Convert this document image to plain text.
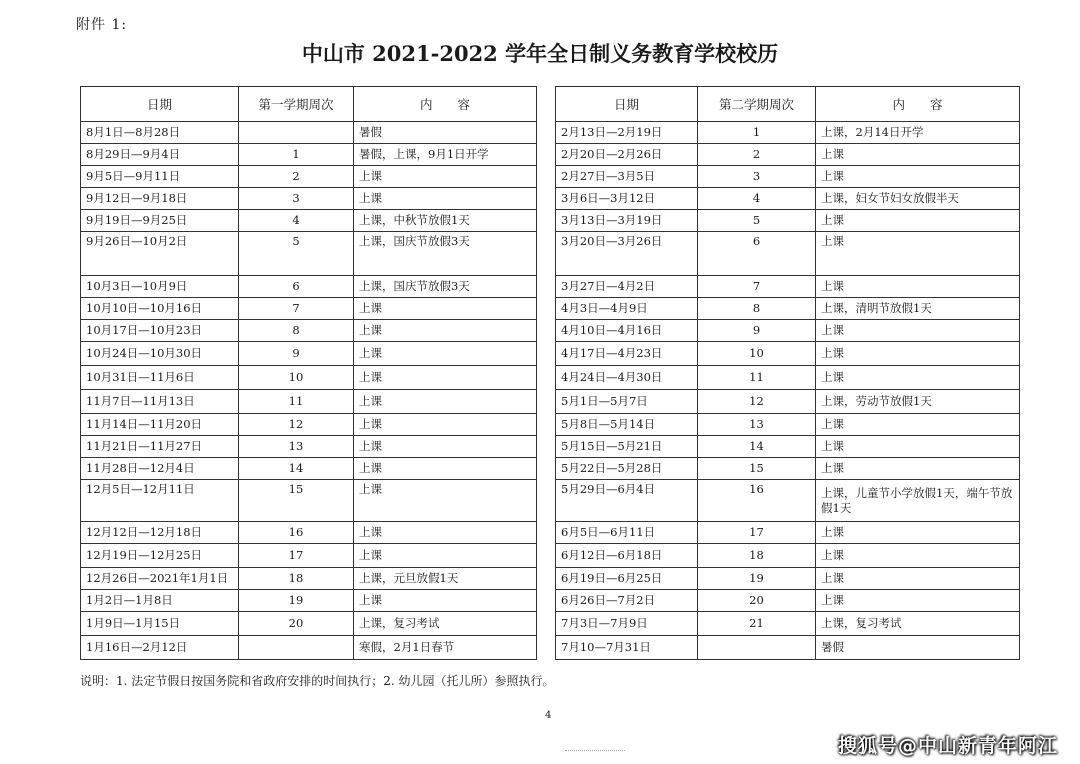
附件 1:
中山市 2021-2022 学年全日制义务教育学校校历
日期	第一学期周次	内　　容
8月1日—8月28日		暑假
8月29日—9月4日	1	暑假，上课，9月1日开学
9月5日—9月11日	2	上课
9月12日—9月18日	3	上课
9月19日—9月25日	4	上课，中秋节放假1天
9月26日—10月2日	5	上课，国庆节放假3天
10月3日—10月9日	6	上课，国庆节放假3天
10月10日—10月16日	7	上课
10月17日—10月23日	8	上课
10月24日—10月30日	9	上课
10月31日—11月6日	10	上课
11月7日—11月13日	11	上课
11月14日—11月20日	12	上课
11月21日—11月27日	13	上课
11月28日—12月4日	14	上课
12月5日—12月11日	15	上课
12月12日—12月18日	16	上课
12月19日—12月25日	17	上课
12月26日—2021年1月1日	18	上课，元旦放假1天
1月2日—1月8日	19	上课
1月9日—1月15日	20	上课，复习考试
1月16日—2月12日		寒假，2月1日春节
日期	第二学期周次	内　　容
2月13日—2月19日	1	上课，2月14日开学
2月20日—2月26日	2	上课
2月27日—3月5日	3	上课
3月6日—3月12日	4	上课，妇女节妇女放假半天
3月13日—3月19日	5	上课
3月20日—3月26日	6	上课
3月27日—4月2日	7	上课
4月3日—4月9日	8	上课，清明节放假1天
4月10日—4月16日	9	上课
4月17日—4月23日	10	上课
4月24日—4月30日	11	上课
5月1日—5月7日	12	上课，劳动节放假1天
5月8日—5月14日	13	上课
5月15日—5月21日	14	上课
5月22日—5月28日	15	上课
5月29日—6月4日	16	上课，儿童节小学放假1天，端午节放假1天
6月5日—6月11日	17	上课
6月12日—6月18日	18	上课
6月19日—6月25日	19	上课
6月26日—7月2日	20	上课
7月3日—7月9日	21	上课，复习考试
7月10—7月31日		暑假
说明：1. 法定节假日按国务院和省政府安排的时间执行；2. 幼儿园（托儿所）参照执行。
4
搜狐号@中山新青年阿江
